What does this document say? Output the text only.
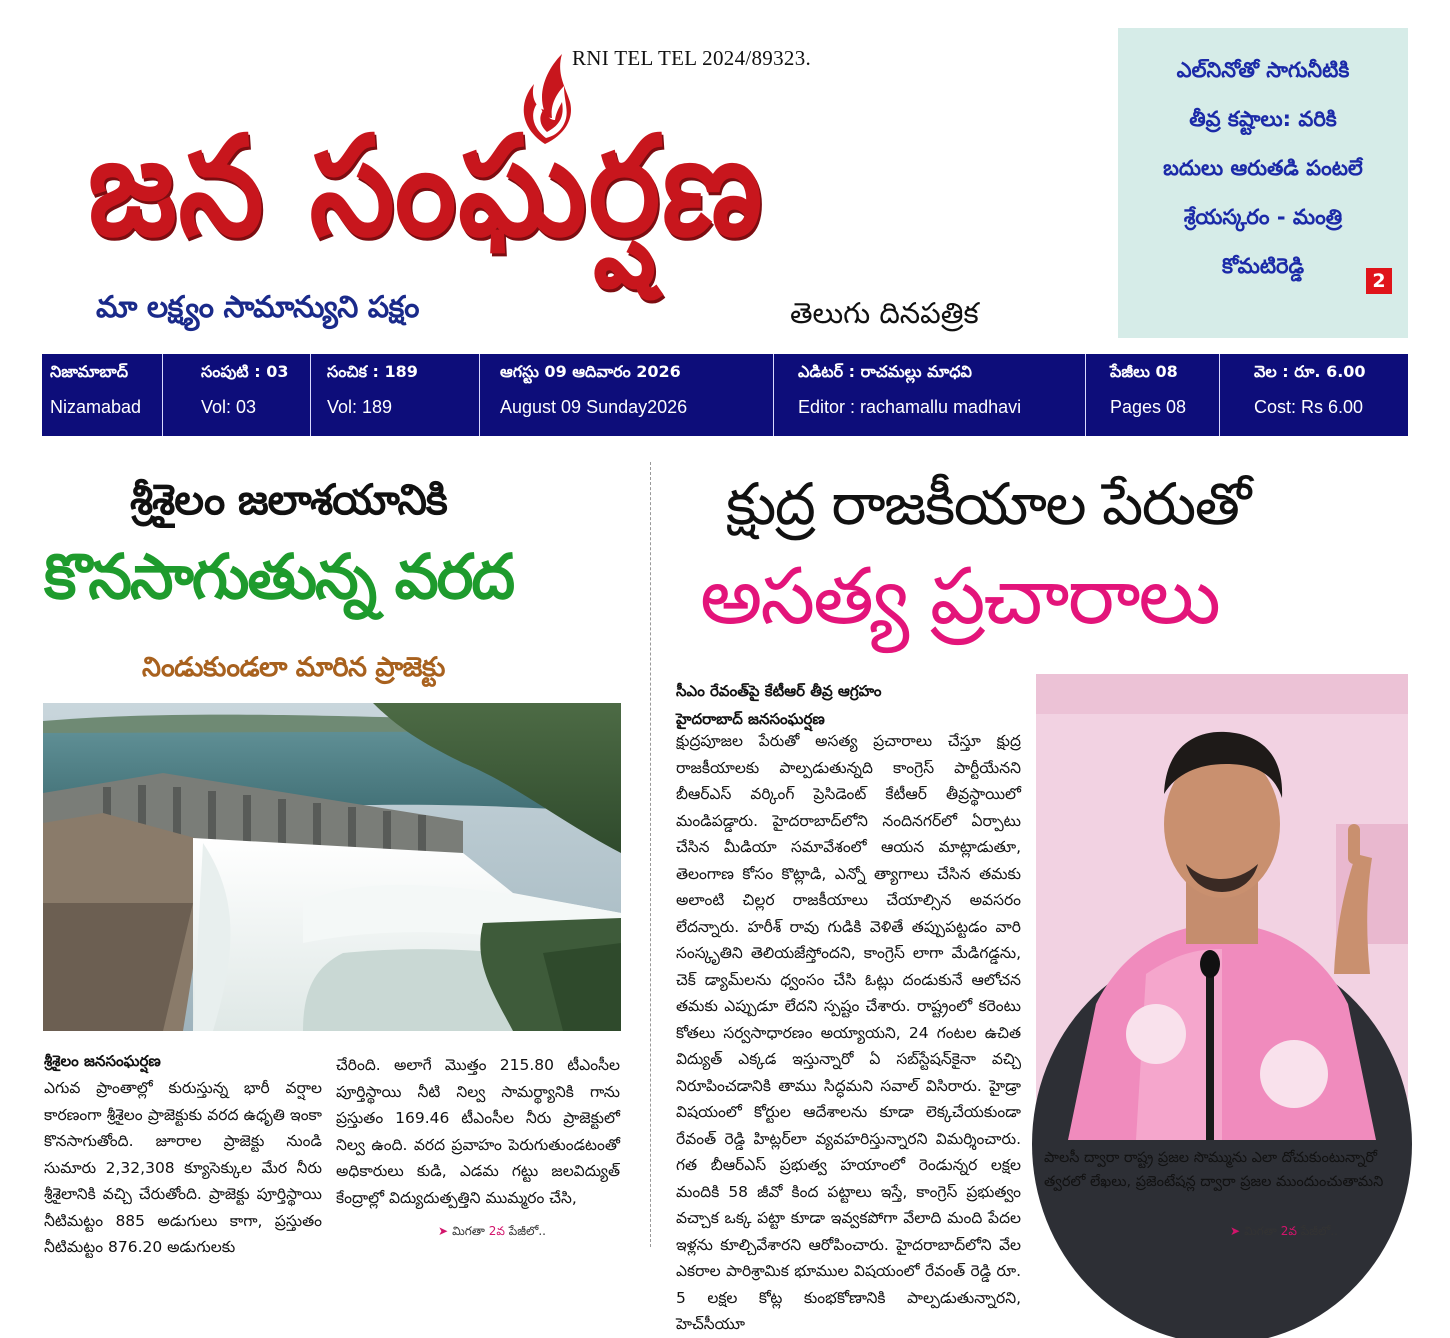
RNI TEL TEL 2024/89323.
జన సంఘర్షణ
మా లక్ష్యం సామాన్యుని పక్షం	తెలుగు దినపత్రిక
ఎల్‌నినోతో సాగునీటికి
తీవ్ర కష్టాలు: వరికి
బదులు ఆరుతడి పంటలే
శ్రేయస్కరం - మంత్రి
కోమటిరెడ్డి
2
నిజామాబాద్
Nizamabad
సంపుటి : 03
Vol: 03
సంచిక : 189
Vol: 189
ఆగస్టు 09 ఆదివారం 2026
August 09 Sunday2026
ఎడిటర్ : రాచమల్లు మాధవి
Editor : rachamallu madhavi
పేజీలు 08
Pages 08
వెల : రూ. 6.00
Cost: Rs 6.00
శ్రీశైలం జలాశయానికి
కొనసాగుతున్న వరద
నిండుకుండలా మారిన ప్రాజెక్టు
శ్రీశైలం జనసంఘర్షణ
ఎగువ ప్రాంతాల్లో కురుస్తున్న భారీ వర్షాల కారణంగా శ్రీశైలం ప్రాజెక్టుకు వరద ఉధృతి ఇంకా కొనసాగుతోంది. జూరాల ప్రాజెక్టు నుండి సుమారు 2,32,308 క్యూసెక్కుల మేర నీరు శ్రీశైలానికి వచ్చి చేరుతోంది. ప్రాజెక్టు పూర్తిస్థాయి నీటిమట్టం 885 అడుగులు కాగా, ప్రస్తుతం నీటిమట్టం 876.20 అడుగులకు
చేరింది. అలాగే మొత్తం 215.80 టీఎంసీల పూర్తిస్థాయి నీటి నిల్వ సామర్థ్యానికి గాను ప్రస్తుతం 169.46 టీఎంసీల నీరు ప్రాజెక్టులో నిల్వ ఉంది. వరద ప్రవాహం పెరుగుతుండటంతో అధికారులు కుడి, ఎడమ గట్టు జలవిద్యుత్ కేంద్రాల్లో విద్యుదుత్పత్తిని ముమ్మరం చేసి,
➤ మిగతా 2వ పేజీలో..
క్షుద్ర రాజకీయాల పేరుతో
అసత్య ప్రచారాలు
సీఎం రేవంత్‌పై కేటీఆర్ తీవ్ర ఆగ్రహం
హైదరాబాద్ జనసంఘర్షణ
క్షుద్రపూజల పేరుతో అసత్య ప్రచారాలు చేస్తూ క్షుద్ర రాజకీయాలకు పాల్పడుతున్నది కాంగ్రెస్ పార్టీయేనని బీఆర్ఎస్ వర్కింగ్ ప్రెసిడెంట్ కేటీఆర్ తీవ్రస్థాయిలో మండిపడ్డారు. హైదరాబాద్‌లోని నందినగర్‌లో ఏర్పాటు చేసిన మీడియా సమావేశంలో ఆయన మాట్లాడుతూ, తెలంగాణ కోసం కొట్లాడి, ఎన్నో త్యాగాలు చేసిన తమకు అలాంటి చిల్లర రాజకీయాలు చేయాల్సిన అవసరం లేదన్నారు. హరీశ్ రావు గుడికి వెళితే తప్పుపట్టడం వారి సంస్కృతిని తెలియజేస్తోందని, కాంగ్రెస్ లాగా మేడిగడ్డను, చెక్ డ్యామ్‌లను ధ్వంసం చేసి ఓట్లు దండుకునే ఆలోచన తమకు ఎప్పుడూ లేదని స్పష్టం చేశారు. రాష్ట్రంలో కరెంటు కోతలు సర్వసాధారణం అయ్యాయని, 24 గంటల ఉచిత విద్యుత్ ఎక్కడ ఇస్తున్నారో ఏ సబ్‌స్టేషన్‌కైనా వచ్చి నిరూపించడానికి తాము సిద్ధమని సవాల్ విసిరారు. హైడ్రా విషయంలో కోర్టుల ఆదేశాలను కూడా లెక్కచేయకుండా రేవంత్ రెడ్డి హిట్లర్‌లా వ్యవహరిస్తున్నారని విమర్శించారు. గత బీఆర్ఎస్ ప్రభుత్వ హయాంలో రెండున్నర లక్షల మందికి 58 జీవో కింద పట్టాలు ఇస్తే, కాంగ్రెస్ ప్రభుత్వం వచ్చాక ఒక్క పట్టా కూడా ఇవ్వకపోగా వేలాది మంది పేదల ఇళ్లను కూల్చివేశారని ఆరోపించారు. హైదరాబాద్‌లోని వేల ఎకరాల పారిశ్రామిక భూముల విషయంలో రేవంత్ రెడ్డి రూ. 5 లక్షల కోట్ల కుంభకోణానికి పాల్పడుతున్నారని, హెచ్‌సీయూ
పాలసీ ద్వారా రాష్ట్ర ప్రజల సొమ్మును ఎలా దోచుకుంటున్నారో త్వరలో లేఖలు, ప్రజెంటేషన్ల ద్వారా ప్రజల ముందుంచుతామని
➤ మిగతా 2వ పేజీలో..
